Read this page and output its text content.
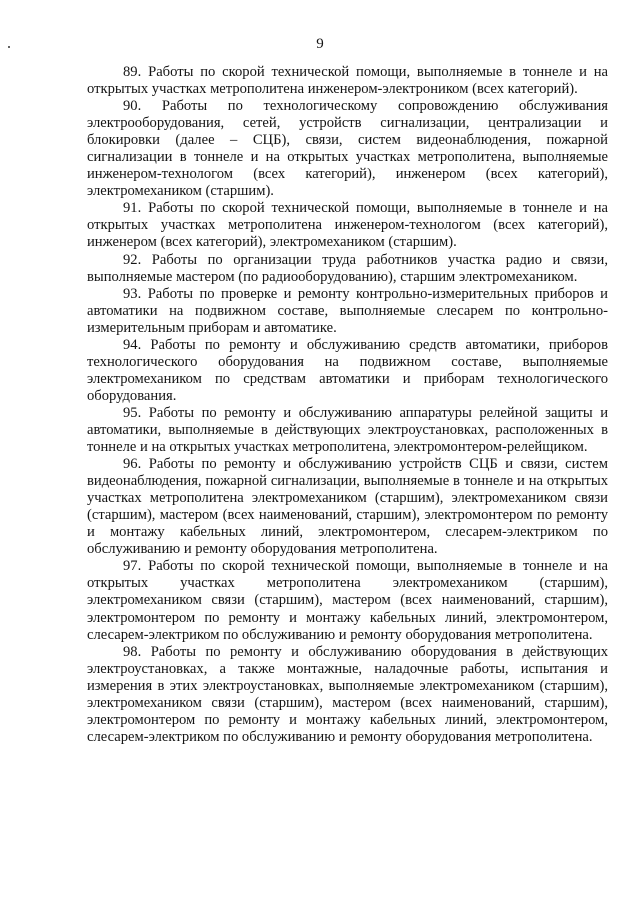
9

89. Работы по скорой технической помощи, выполняемые в тоннеле и на открытых участках метрополитена инженером-электроником (всех категорий).

90. Работы по технологическому сопровождению обслуживания электрооборудования, сетей, устройств сигнализации, централизации и блокировки (далее – СЦБ), связи, систем видеонаблюдения, пожарной сигнализации в тоннеле и на открытых участках метрополитена, выполняемые инженером-технологом (всех категорий), инженером (всех категорий), электромехаником (старшим).

91. Работы по скорой технической помощи, выполняемые в тоннеле и на открытых участках метрополитена инженером-технологом (всех категорий), инженером (всех категорий), электромехаником (старшим).

92. Работы по организации труда работников участка радио и связи, выполняемые мастером (по радиооборудованию), старшим электромехаником.

93. Работы по проверке и ремонту контрольно-измерительных приборов и автоматики на подвижном составе, выполняемые слесарем по контрольно-измерительным приборам и автоматике.

94. Работы по ремонту и обслуживанию средств автоматики, приборов технологического оборудования на подвижном составе, выполняемые электромехаником по средствам автоматики и приборам технологического оборудования.

95. Работы по ремонту и обслуживанию аппаратуры релейной защиты и автоматики, выполняемые в действующих электроустановках, расположенных в тоннеле и на открытых участках метрополитена, электромонтером-релейщиком.

96. Работы по ремонту и обслуживанию устройств СЦБ и связи, систем видеонаблюдения, пожарной сигнализации, выполняемые в тоннеле и на открытых участках метрополитена электромехаником (старшим), электромехаником связи (старшим), мастером (всех наименований, старшим), электромонтером по ремонту и монтажу кабельных линий, электромонтером, слесарем-электриком по обслуживанию и ремонту оборудования метрополитена.

97. Работы по скорой технической помощи, выполняемые в тоннеле и на открытых участках метрополитена электромехаником (старшим), электромехаником связи (старшим), мастером (всех наименований, старшим), электромонтером по ремонту и монтажу кабельных линий, электромонтером, слесарем-электриком по обслуживанию и ремонту оборудования метрополитена.

98. Работы по ремонту и обслуживанию оборудования в действующих электроустановках, а также монтажные, наладочные работы, испытания и измерения в этих электроустановках, выполняемые электромехаником (старшим), электромехаником связи (старшим), мастером (всех наименований, старшим), электромонтером по ремонту и монтажу кабельных линий, электромонтером, слесарем-электриком по обслуживанию и ремонту оборудования метрополитена.
